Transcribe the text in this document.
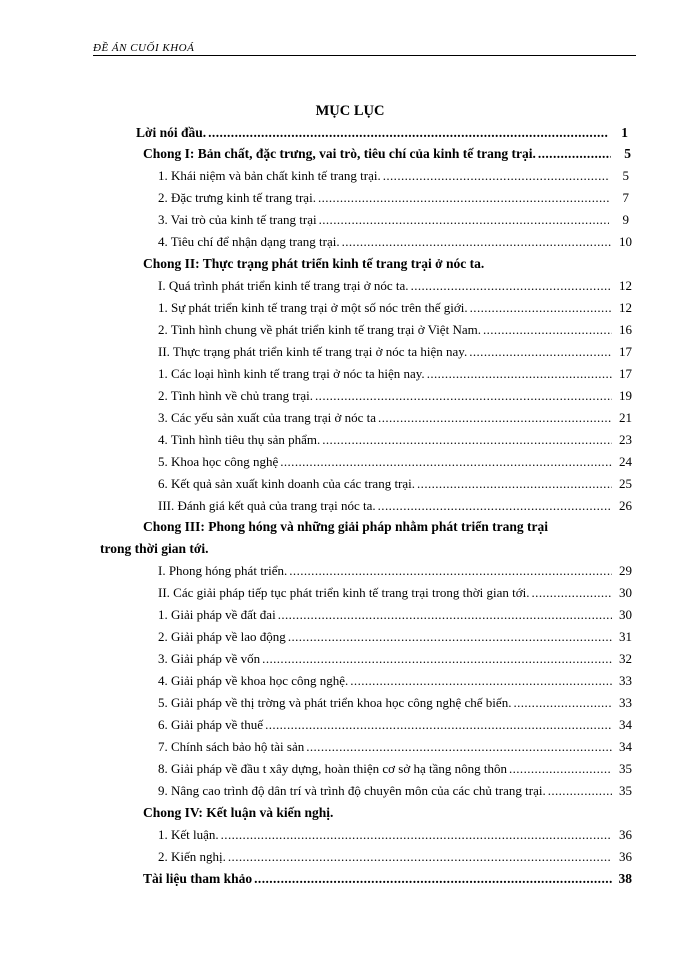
ĐỀ ÁN CUỐI KHOÁ
MỤC LỤC
Lời nói đầu. .....	1
Chong I: Bản chất, đặc trưng, vai trò, tiêu chí của kinh tế trang trại. .....	5
1. Khái niệm và bản chất kinh tế trang trại. .....	5
2. Đặc trưng kinh tế trang trại. .....	7
3. Vai trò của kinh tế trang trại .....	9
4. Tiêu chí để nhận dạng trang trại. .....	10
Chong II: Thực trạng phát triển kinh tế trang trại ở nóc ta.
I. Quá trình phát triển kinh tế trang trại ở nóc ta. .....	12
1. Sự phát triển kinh tế trang trại ở một số nóc trên thế giới. .....	12
2. Tình hình chung về phát triển kinh tế trang trại ở Việt Nam. .....	16
II. Thực trạng phát triển kinh tế trang trại ở nóc ta hiện nay. .....	17
1. Các loại hình kinh tế trang trại ở nóc ta hiện nay. .....	17
2. Tình hình về chủ trang trại. .....	19
3. Các yếu sản xuất của trang trại ở nóc ta .....	21
4. Tình hình tiêu thụ sản phẩm. .....	23
5. Khoa học công nghệ .....	24
6. Kết quả sản xuất kinh doanh của các trang trại. .....	25
III. Đánh giá kết quả của trang trại nóc ta. .....	26
Chong III: Phong hóng và những giải pháp nhằm phát triển trang trại
trong thời gian tới.
I. Phong hóng phát triển. .....	29
II. Các giải pháp tiếp tục phát triển kinh tế trang trại trong thời gian tới. .....	30
1. Giải pháp về đất đai .....	30
2. Giải pháp về lao động .....	31
3. Giải pháp về vốn .....	32
4. Giải pháp về khoa học công nghệ. .....	33
5. Giải pháp về thị trờng và phát triển khoa học công nghệ chế biến. .....	33
6. Giải pháp về thuế .....	34
7. Chính sách bảo hộ tài sản .....	34
8. Giải pháp về đầu t xây dựng, hoàn thiện cơ sở hạ tầng nông thôn .....	35
9. Nâng cao trình độ dân trí và trình độ chuyên môn của các chủ trang trại. .....	35
Chong IV: Kết luận và kiến nghị.
1. Kết luận. .....	36
2. Kiến nghị. .....	36
Tài liệu tham khảo .....	38
